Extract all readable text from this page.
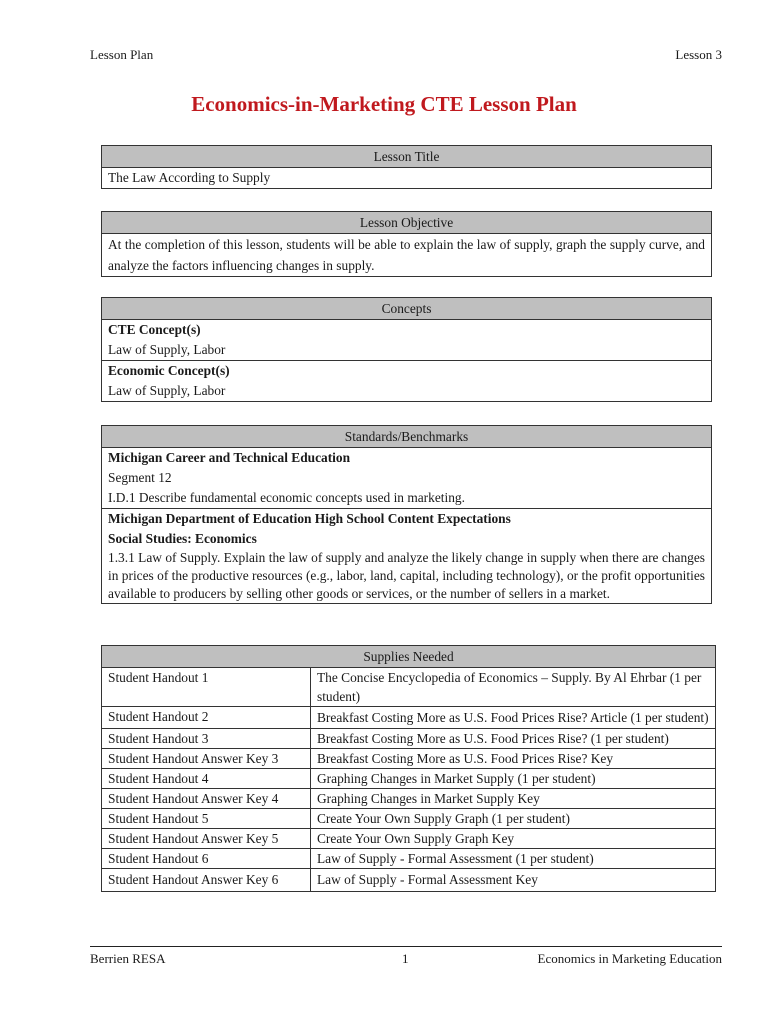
Lesson Plan	Lesson 3
Economics-in-Marketing CTE Lesson Plan
Lesson Title
The Law According to Supply
Lesson Objective
At the completion of this lesson, students will be able to explain the law of supply, graph the supply curve, and analyze the factors influencing changes in supply.
Concepts

CTE Concept(s)
Law of Supply, Labor

Economic Concept(s)
Law of Supply, Labor
Standards/Benchmarks

Michigan Career and Technical Education
Segment 12
I.D.1 Describe fundamental economic concepts used in marketing.

Michigan Department of Education High School Content Expectations
Social Studies: Economics
1.3.1 Law of Supply. Explain the law of supply and analyze the likely change in supply when there are changes in prices of the productive resources (e.g., labor, land, capital, including technology), or the profit opportunities available to producers by selling other goods or services, or the number of sellers in a market.
Supplies Needed	
Student Handout 1	The Concise Encyclopedia of Economics – Supply. By Al Ehrbar (1 per student)
Student Handout 2	Breakfast Costing More as U.S. Food Prices Rise? Article (1 per student)
Student Handout 3	Breakfast Costing More as U.S. Food Prices Rise? (1 per student)
Student Handout Answer Key 3	Breakfast Costing More as U.S. Food Prices Rise? Key
Student Handout 4	Graphing Changes in Market Supply (1 per student)
Student Handout Answer Key 4	Graphing Changes in Market Supply Key
Student Handout 5	Create Your Own Supply Graph (1 per student)
Student Handout Answer Key 5	Create Your Own Supply Graph Key
Student Handout 6	Law of Supply - Formal Assessment (1 per student)
Student Handout Answer Key 6	Law of Supply - Formal Assessment Key
Berrien RESA	1	Economics in Marketing Education
